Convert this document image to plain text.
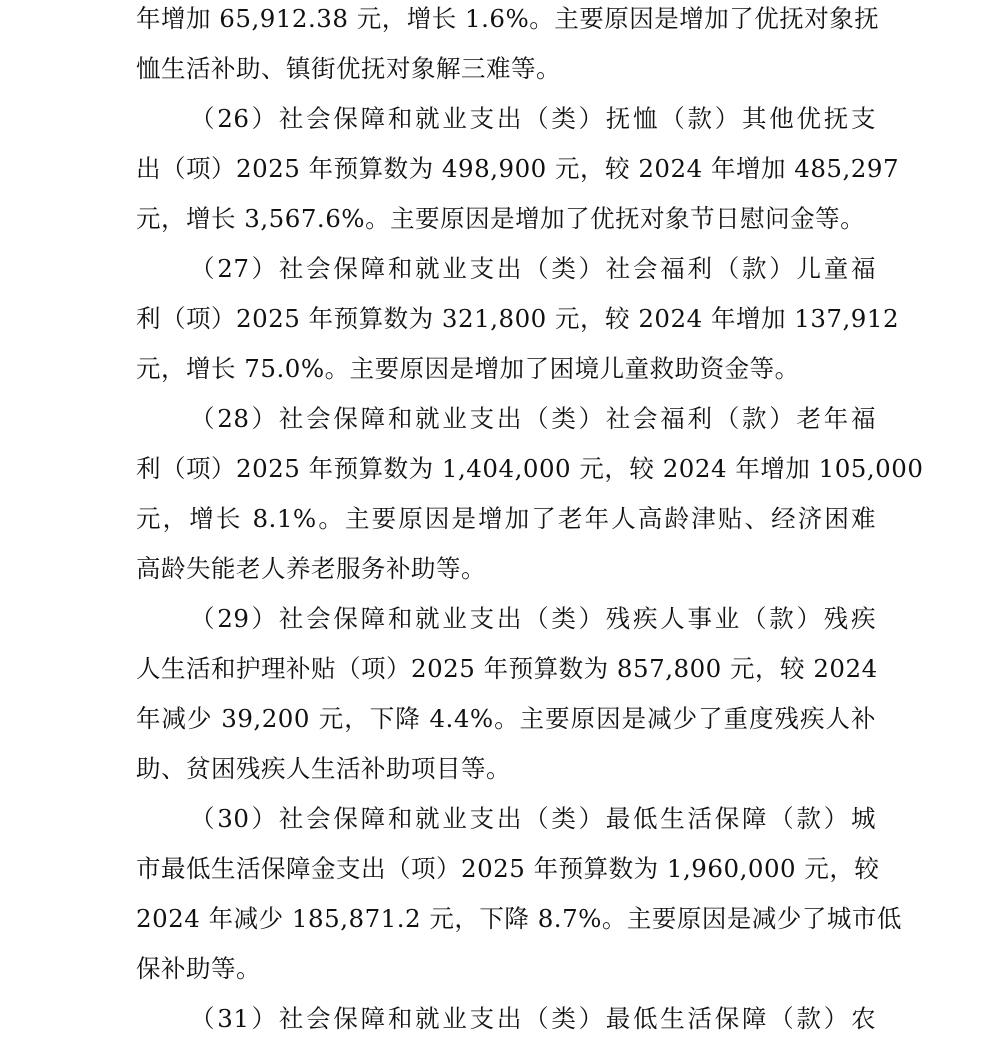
年增加 65,912.38 元，增长 1.6%。主要原因是增加了优抚对象抚
恤生活补助、镇街优抚对象解三难等。
（26）社会保障和就业支出（类）抚恤（款）其他优抚支
出（项）2025 年预算数为 498,900 元，较 2024 年增加 485,297
元，增长 3,567.6%。主要原因是增加了优抚对象节日慰问金等。
（27）社会保障和就业支出（类）社会福利（款）儿童福
利（项）2025 年预算数为 321,800 元，较 2024 年增加 137,912
元，增长 75.0%。主要原因是增加了困境儿童救助资金等。
（28）社会保障和就业支出（类）社会福利（款）老年福
利（项）2025 年预算数为 1,404,000 元，较 2024 年增加 105,000
元，增长 8.1%。主要原因是增加了老年人高龄津贴、经济困难
高龄失能老人养老服务补助等。
（29）社会保障和就业支出（类）残疾人事业（款）残疾
人生活和护理补贴（项）2025 年预算数为 857,800 元，较 2024
年减少 39,200 元，下降 4.4%。主要原因是减少了重度残疾人补
助、贫困残疾人生活补助项目等。
（30）社会保障和就业支出（类）最低生活保障（款）城
市最低生活保障金支出（项）2025 年预算数为 1,960,000 元，较
2024 年减少 185,871.2 元，下降 8.7%。主要原因是减少了城市低
保补助等。
（31）社会保障和就业支出（类）最低生活保障（款）农
